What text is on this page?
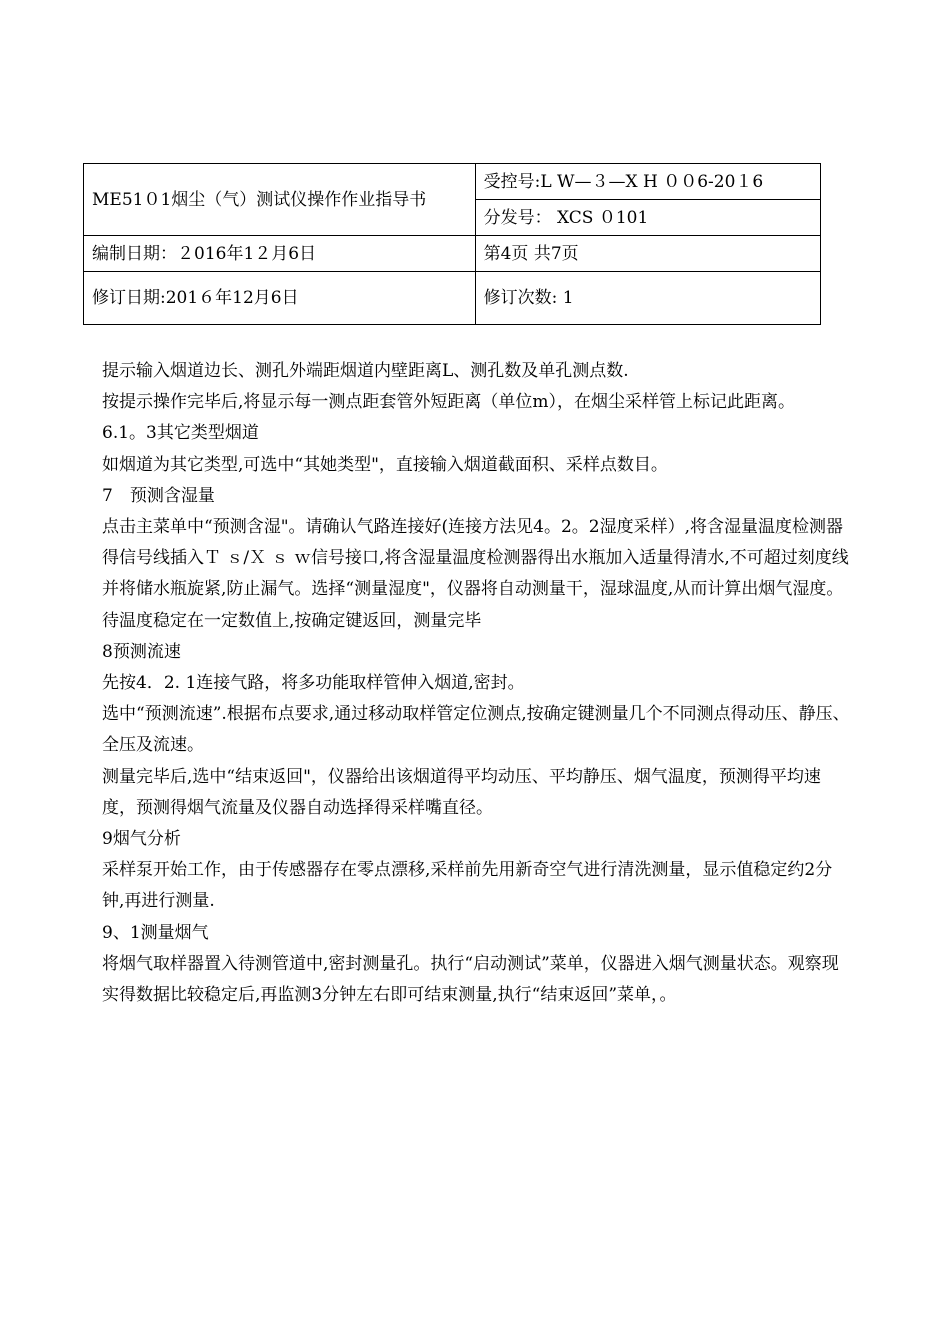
ME51０1烟尘（气）测试仪操作作业指导书	受控号:L W—３—X H ００6-20１6
	分发号： XCS ０101
编制日期：２016年1２月6日	第4页 共7页
修订日期:201６年12月6日	修订次数: 1

提示输入烟道边长、测孔外端距烟道内壁距离L、测孔数及单孔测点数.

按提示操作完毕后,将显示每一测点距套管外短距离（单位m），在烟尘采样管上标记此距离。

6.1。3其它类型烟道

如烟道为其它类型,可选中“其她类型"，直接输入烟道截面积、采样点数目。

7　预测含湿量

点击主菜单中“预测含湿"。请确认气路连接好(连接方法见4。2。2湿度采样）,将含湿量温度检测器得信号线插入Ｔ ｓ/Ｘ ｓ ｗ信号接口,将含湿量温度检测器得出水瓶加入适量得清水,不可超过刻度线并将储水瓶旋紧,防止漏气。选择“测量湿度"，仪器将自动测量干，湿球温度,从而计算出烟气湿度。

待温度稳定在一定数值上,按确定键返回，测量完毕

8预测流速

先按4．2. 1连接气路，将多功能取样管伸入烟道,密封。

选中“预测流速”.根据布点要求,通过移动取样管定位测点,按确定键测量几个不同测点得动压、静压、全压及流速。

测量完毕后,选中“结束返回"，仪器给出该烟道得平均动压、平均静压、烟气温度，预测得平均速度，预测得烟气流量及仪器自动选择得采样嘴直径。

9烟气分析

采样泵开始工作，由于传感器存在零点漂移,采样前先用新奇空气进行清洗测量，显示值稳定约2分钟,再进行测量.

9、1测量烟气

将烟气取样器置入待测管道中,密封测量孔。执行“启动测试”菜单，仪器进入烟气测量状态。观察现实得数据比较稳定后,再监测3分钟左右即可结束测量,执行“结束返回”菜单，。
